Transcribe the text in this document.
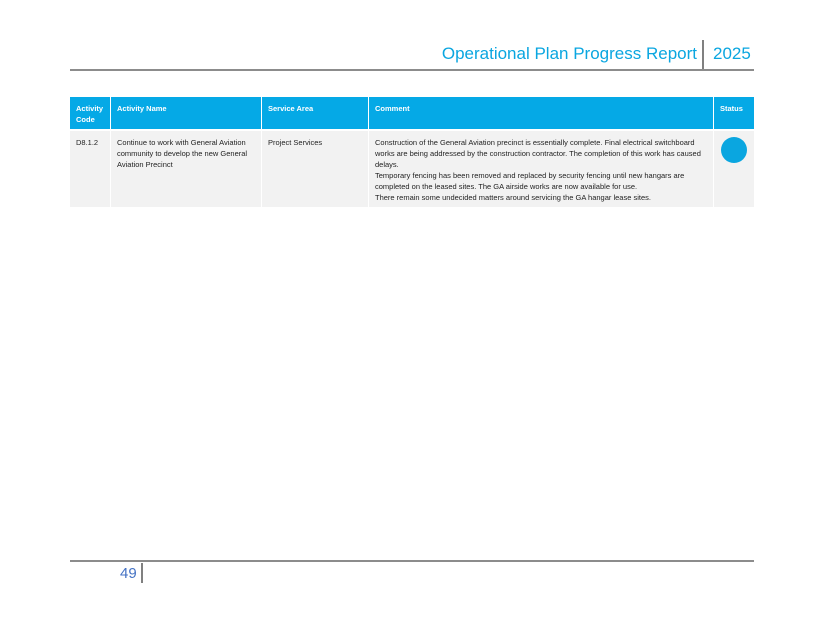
Operational Plan Progress Report 2025
Activity Code	Activity Name	Service Area	Comment	Status
D8.1.2	Continue to work with General Aviation community to develop the new General Aviation Precinct	Project Services	Construction of the General Aviation precinct is essentially complete. Final electrical switchboard works are being addressed by the construction contractor. The completion of this work has caused delays.
Temporary fencing has been removed and replaced by security fencing until new hangars are completed on the leased sites. The GA airside works are now available for use.
There remain some undecided matters around servicing the GA hangar lease sites.	

49
